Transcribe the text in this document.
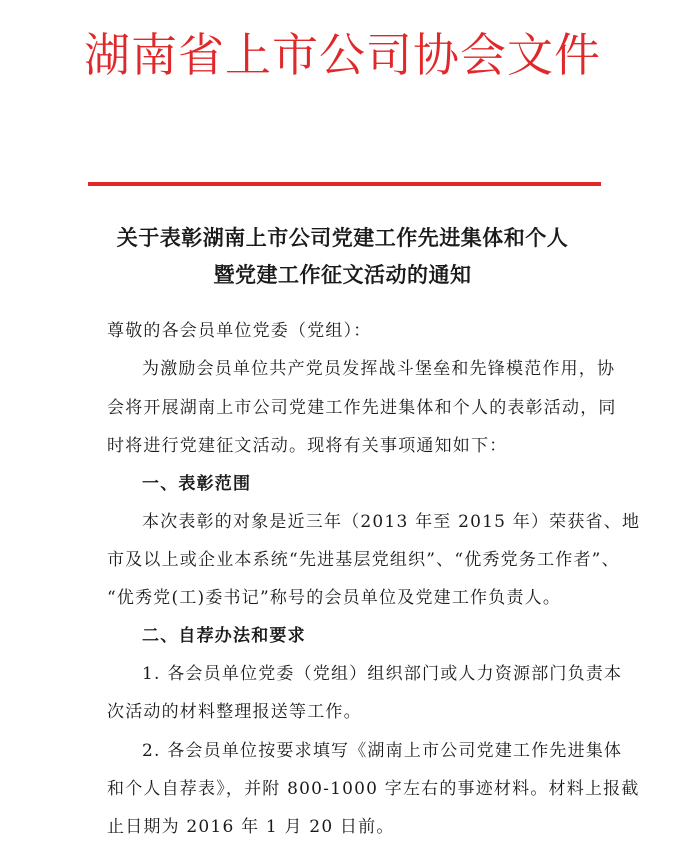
湖南省上市公司协会文件
关于表彰湖南上市公司党建工作先进集体和个人
暨党建工作征文活动的通知
尊敬的各会员单位党委（党组）：
为激励会员单位共产党员发挥战斗堡垒和先锋模范作用，协
会将开展湖南上市公司党建工作先进集体和个人的表彰活动，同
时将进行党建征文活动。现将有关事项通知如下：
一、表彰范围
本次表彰的对象是近三年（2013 年至 2015 年）荣获省、地
市及以上或企业本系统“先进基层党组织”、“优秀党务工作者”、
“优秀党(工)委书记”称号的会员单位及党建工作负责人。
二、自荐办法和要求
1. 各会员单位党委（党组）组织部门或人力资源部门负责本
次活动的材料整理报送等工作。
2. 各会员单位按要求填写《湖南上市公司党建工作先进集体
和个人自荐表》，并附 800-1000 字左右的事迹材料。材料上报截
止日期为 2016 年 1 月 20 日前。
